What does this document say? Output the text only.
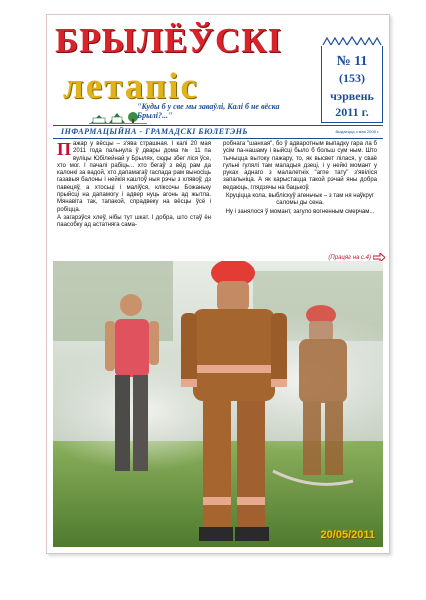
БРЫЛЁЎСКІ
летапіс
"Куды б у све мы заваўлі, Калі б не вёска Брылі?..."
№ 11
(153)
чэрвень
2011 г.
ІНФАРМАЦЫЙНА - ГРАМАДСКІ БЮЛЕТЭНЬ	Выдаецца з мая 2008 г.
П ажар у вёсцы – з'ява страшная. І калі 20 мая 2011 года пальнула ў двары дома № 11 па вуліцы Юбілейнай у Брылях, сюды збег лiся ўсе, хто мог. І пачалі рабіць... хто бегаў з вёд рам да калонкі за вадой, хто дапамагаў гаспада рам выносіць газавыя балоны і нейкія каштоў ныя рэчы з хлявоў, дз павецяў, а хтосьці і маліўся, кліксочы Божанькy прыйсці на дапамогу і адвер нуць агонь ад жытла. Мянавітa так, тапакой, спрадвеку на вёсцы ўсё і робіцца.

А загарэўся хлеў, нібы тут шкат. І добра, што стаў ён паасобку ад астатняга сама-

робнага "шанхая", бо ў адваротным выпадку гара ла б усім па-нашаму і выйсці было б больш сум ным. Што тычыцца вытоку пажару, то, як высвет лілася, у сваё гульні гулялі там маладыя дзеці, і у нейкі момант у руках аднаго з малалетніх "агпе тату" з'явіліся запальніца. А як карыстацца такой рэчай яны добра ведаюць, глядзячы на бацькоў.

Круціцца кола, выбліскуў агеньчык – з там ня наўкруг саломы ды сена.

Ну і занялося ў момант, загуло вогненным смерчам...

(Працяг на с.4)
20/05/2011
